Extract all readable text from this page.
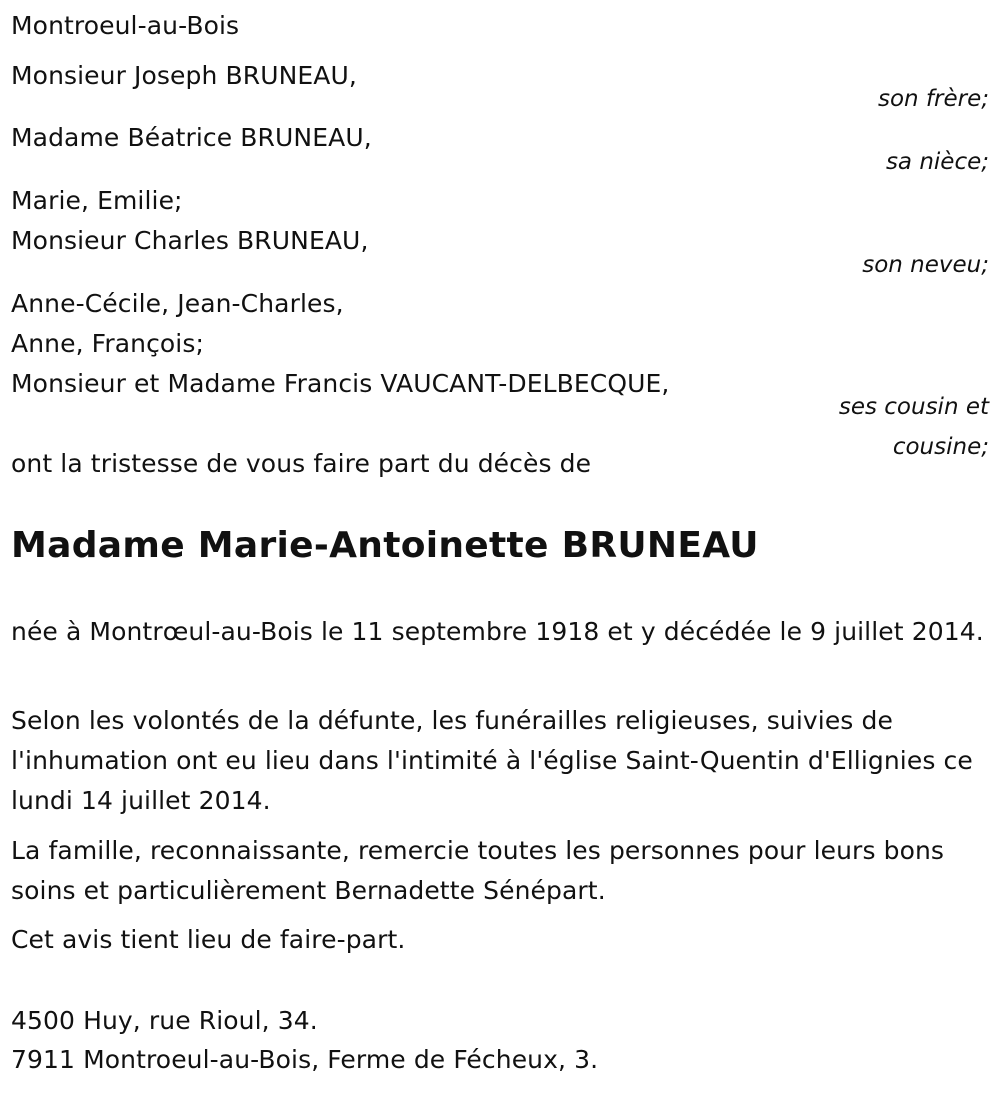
Montroeul-au-Bois
Monsieur Joseph BRUNEAU,
son frère;
Madame Béatrice BRUNEAU,
sa nièce;
Marie, Emilie;
Monsieur Charles BRUNEAU,
son neveu;
Anne-Cécile, Jean-Charles,
Anne, François;
Monsieur et Madame Francis VAUCANT-DELBECQUE,
ses cousin et
cousine;
ont la tristesse de vous faire part du décès de
Madame Marie-Antoinette BRUNEAU
née à Montrœul-au-Bois le 11 septembre 1918 et y décédée le 9 juillet 2014.
Selon les volontés de la défunte, les funérailles religieuses, suivies de l'inhumation ont eu lieu dans l'intimité à l'église Saint-Quentin d'Ellignies ce lundi 14 juillet 2014.
La famille, reconnaissante, remercie toutes les personnes pour leurs bons soins et particulièrement Bernadette Sénépart.
Cet avis tient lieu de faire-part.
4500 Huy, rue Rioul, 34.
7911 Montroeul-au-Bois, Ferme de Fécheux, 3.
